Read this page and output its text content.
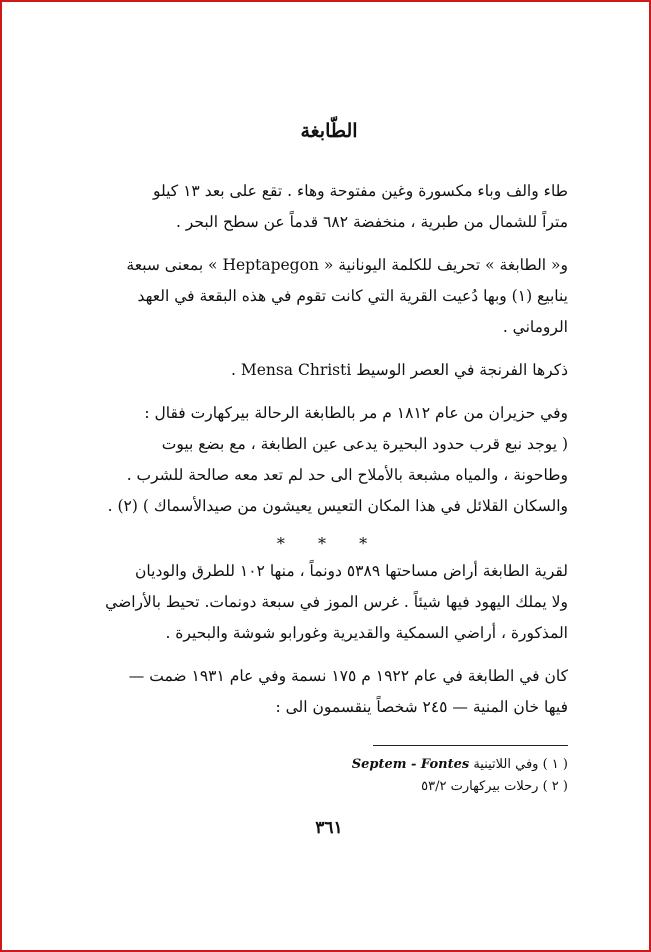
الطّابغة
طاء والف وباء مكسورة وغين مفتوحة وهاء . تقع على بعد ١٣ كيلو
متراً للشمال من طبرية ، منخفضة ٦٨٢ قدماً عن سطح البحر .
و« الطابغة » تحريف للكلمة اليونانية « Heptapegon » بمعنى سبعة
ينابيع (١) وبها دُعيت القرية التي كانت تقوم في هذه البقعة في العهد
الروماني .
ذكرها الفرنجة في العصر الوسيط Mensa Christi .
وفي حزيران من عام ١٨١٢ م مر بالطابغة الرحالة بيركهارت فقال :
( يوجد نبع قرب حدود البحيرة يدعى عين الطابغة ، مع بضع بيوت
وطاحونة ، والمياه مشبعة بالأملاح الى حد لم تعد معه صالحة للشرب .
والسكان القلائل في هذا المكان التعيس يعيشون من صيدالأسماك ) (٢) .
* * *
لقرية الطابغة أراض مساحتها ٥٣٨٩ دونماً ، منها ١٠٢ للطرق والوديان
ولا يملك اليهود فيها شيئاً . غرس الموز في سبعة دونمات. تحيط بالأراضي
المذكورة ، أراضي السمكية والقديرية وغورابو شوشة والبحيرة .
كان في الطابغة في عام ١٩٢٢ م ١٧٥ نسمة وفي عام ١٩٣١ ضمت —
فيها خان المنية — ٢٤٥ شخصاً ينقسمون الى :
( ١ ) وفي اللاتينية Septem - Fontes
( ٢ ) رحلات بيركهارت ٥٣/٢
٣٦١
